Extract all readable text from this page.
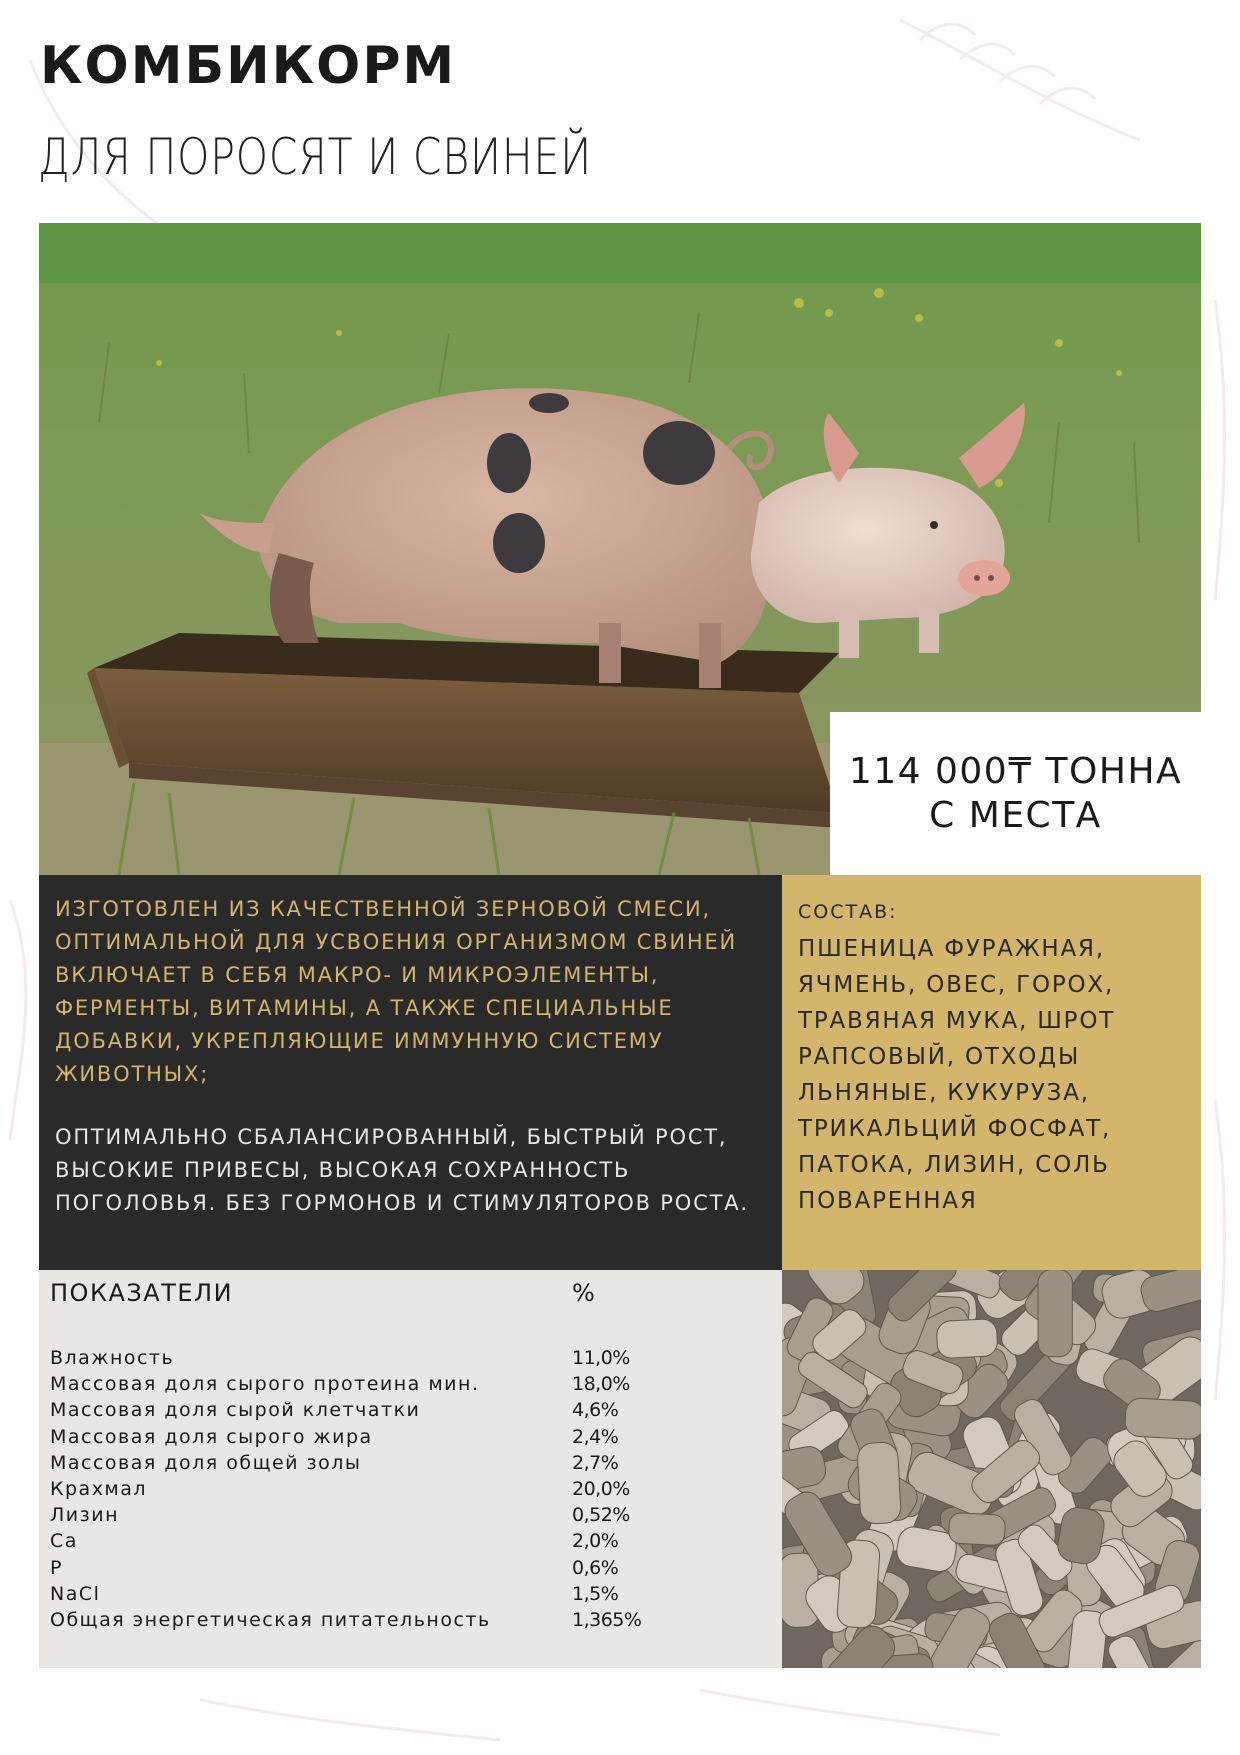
КОМБИКОРМ
ДЛЯ ПОРОСЯТ И СВИНЕЙ
114 000₸ ТОННА
С МЕСТА

ИЗГОТОВЛЕН ИЗ КАЧЕСТВЕННОЙ ЗЕРНОВОЙ СМЕСИ, ОПТИМАЛЬНОЙ ДЛЯ УСВОЕНИЯ ОРГАНИЗМОМ СВИНЕЙ ВКЛЮЧАЕТ В СЕБЯ МАКРО- И МИКРОЭЛЕМЕНТЫ, ФЕРМЕНТЫ, ВИТАМИНЫ, А ТАКЖЕ СПЕЦИАЛЬНЫЕ ДОБАВКИ, УКРЕПЛЯЮЩИЕ ИММУННУЮ СИСТЕМУ ЖИВОТНЫХ;

ОПТИМАЛЬНО СБАЛАНСИРОВАННЫЙ, БЫСТРЫЙ РОСТ, ВЫСОКИЕ ПРИВЕСЫ, ВЫСОКАЯ СОХРАННОСТЬ ПОГОЛОВЬЯ. БЕЗ ГОРМОНОВ И СТИМУЛЯТОРОВ РОСТА.

СОСТАВ:

ПШЕНИЦА ФУРАЖНАЯ, ЯЧМЕНЬ, ОВЕС, ГОРОХ, ТРАВЯНАЯ МУКА, ШРОТ РАПСОВЫЙ, ОТХОДЫ ЛЬНЯНЫЕ, КУКУРУЗА, ТРИКАЛЬЦИЙ ФОСФАТ, ПАТОКА, ЛИЗИН, СОЛЬ ПОВАРЕННАЯ

ПОКАЗАТЕЛИ	%
Влажность	11,0%
Массовая доля сырого протеина мин.	18,0%
Массовая доля сырой клетчатки	4,6%
Массовая доля сырого жира	2,4%
Массовая доля общей золы	2,7%
Крахмал	20,0%
Лизин	0,52%
Ca	2,0%
P	0,6%
NaCl	1,5%
Общая энергетическая питательность	1,365%
